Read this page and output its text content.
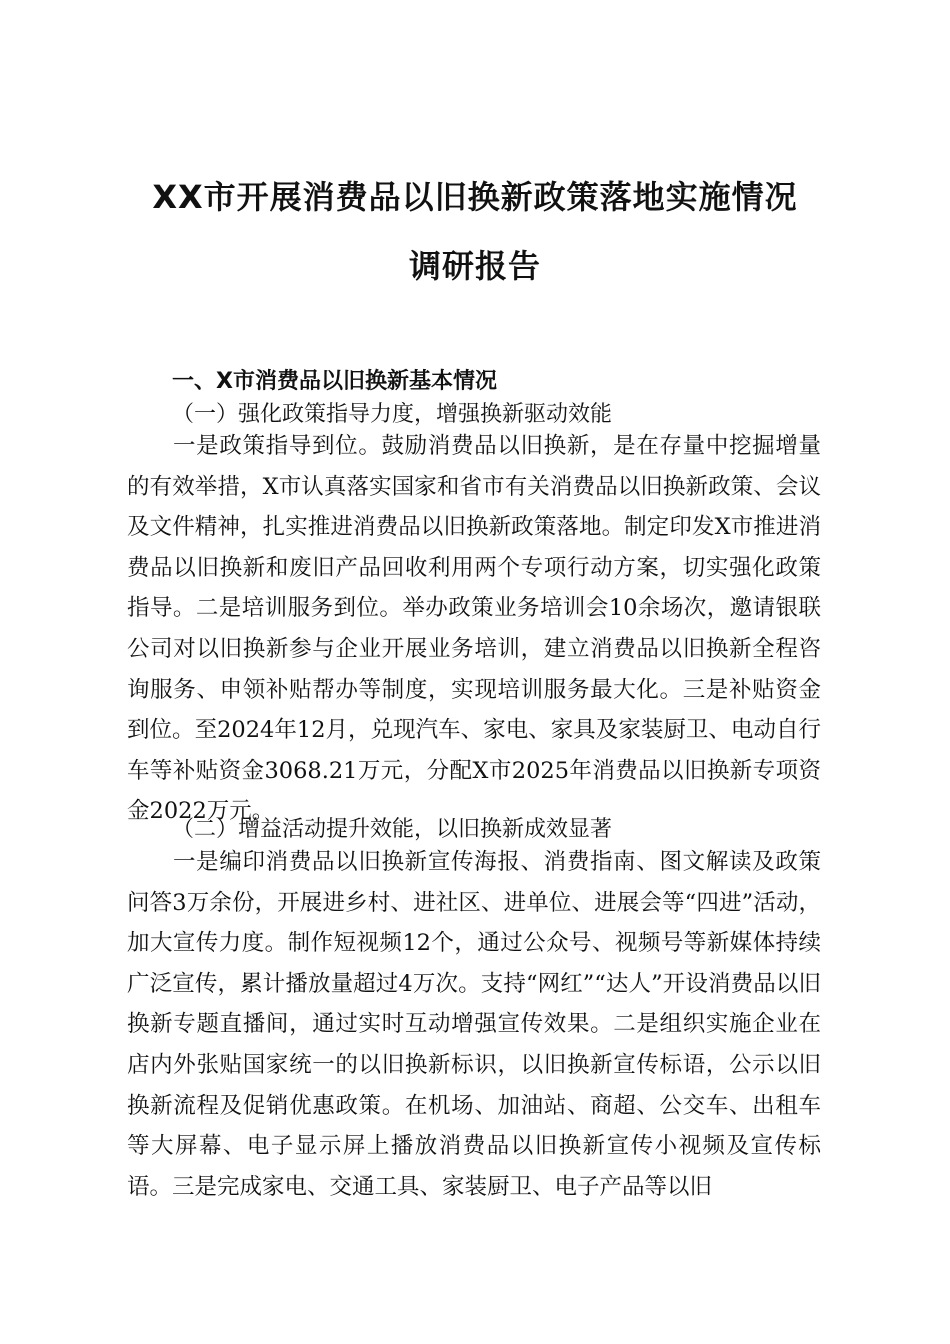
XX市开展消费品以旧换新政策落地实施情况
调研报告
一、X市消费品以旧换新基本情况
（一）强化政策指导力度，增强换新驱动效能
一是政策指导到位。鼓励消费品以旧换新，是在存量中挖掘增量的有效举措，X市认真落实国家和省市有关消费品以旧换新政策、会议及文件精神，扎实推进消费品以旧换新政策落地。制定印发X市推进消费品以旧换新和废旧产品回收利用两个专项行动方案，切实强化政策指导。二是培训服务到位。举办政策业务培训会10余场次，邀请银联公司对以旧换新参与企业开展业务培训，建立消费品以旧换新全程咨询服务、申领补贴帮办等制度，实现培训服务最大化。三是补贴资金到位。至2024年12月，兑现汽车、家电、家具及家装厨卫、电动自行车等补贴资金3068.21万元，分配X市2025年消费品以旧换新专项资金2022万元。
（二）增益活动提升效能，以旧换新成效显著
一是编印消费品以旧换新宣传海报、消费指南、图文解读及政策问答3万余份，开展进乡村、进社区、进单位、进展会等“四进”活动，加大宣传力度。制作短视频12个，通过公众号、视频号等新媒体持续广泛宣传，累计播放量超过4万次。支持“网红”“达人”开设消费品以旧换新专题直播间，通过实时互动增强宣传效果。二是组织实施企业在店内外张贴国家统一的以旧换新标识，以旧换新宣传标语，公示以旧换新流程及促销优惠政策。在机场、加油站、商超、公交车、出租车等大屏幕、电子显示屏上播放消费品以旧换新宣传小视频及宣传标语。三是完成家电、交通工具、家装厨卫、电子产品等以旧
